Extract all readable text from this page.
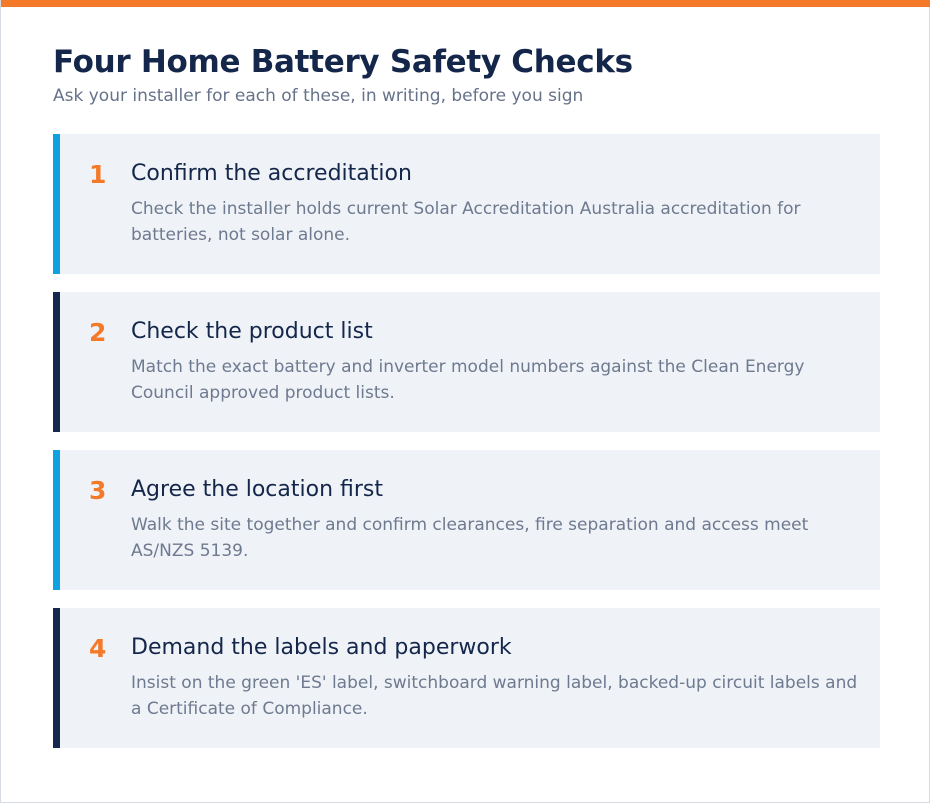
Four Home Battery Safety Checks

Ask your installer for each of these, in writing, before you sign

1	Confirm the accreditation
Check the installer holds current Solar Accreditation Australia accreditation for batteries, not solar alone.
2	Check the product list
Match the exact battery and inverter model numbers against the Clean Energy Council approved product lists.
3	Agree the location first
Walk the site together and confirm clearances, fire separation and access meet AS/NZS 5139.
4	Demand the labels and paperwork
Insist on the green 'ES' label, switchboard warning label, backed-up circuit labels and a Certificate of Compliance.
